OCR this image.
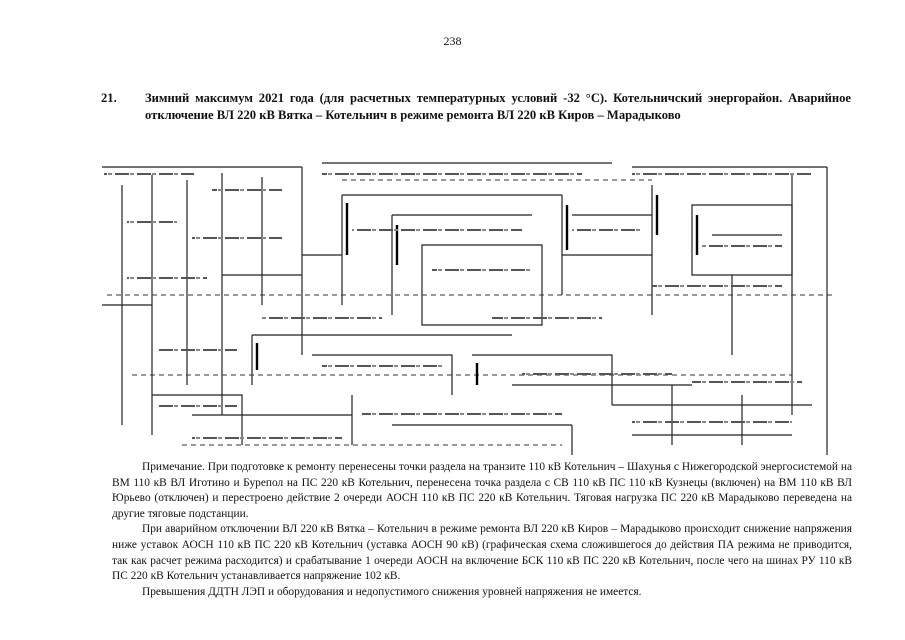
238
21. Зимний максимум 2021 года (для расчетных температурных условий -32 °С). Котельничский энергорайон. Аварийное отключение ВЛ 220 кВ Вятка – Котельнич в режиме ремонта ВЛ 220 кВ Киров – Марадыково

Примечание. При подготовке к ремонту перенесены точки раздела на транзите 110 кВ Котельнич – Шахунья с Нижегородской энергосистемой на ВМ 110 кВ ВЛ Иготино и Бурепол на ПС 220 кВ Котельнич, перенесена точка раздела с СВ 110 кВ ПС 110 кВ Кузнецы (включен) на ВМ 110 кВ ВЛ Юрьево (отключен) и перестроено действие 2 очереди АОСН 110 кВ ПС 220 кВ Котельнич. Тяговая нагрузка ПС 220 кВ Марадыково переведена на другие тяговые подстанции.

При аварийном отключении ВЛ 220 кВ Вятка – Котельнич в режиме ремонта ВЛ 220 кВ Киров – Марадыково происходит снижение напряжения ниже уставок АОСН 110 кВ ПС 220 кВ Котельнич (уставка АОСН 90 кВ) (графическая схема сложившегося до действия ПА режима не приводится, так как расчет режима расходится) и срабатывание 1 очереди АОСН на включение БСК 110 кВ ПС 220 кВ Котельнич, после чего на шинах РУ 110 кВ ПС 220 кВ Котельнич устанавливается напряжение 102 кВ.

Превышения ДДТН ЛЭП и оборудования и недопустимого снижения уровней напряжения не имеется.
